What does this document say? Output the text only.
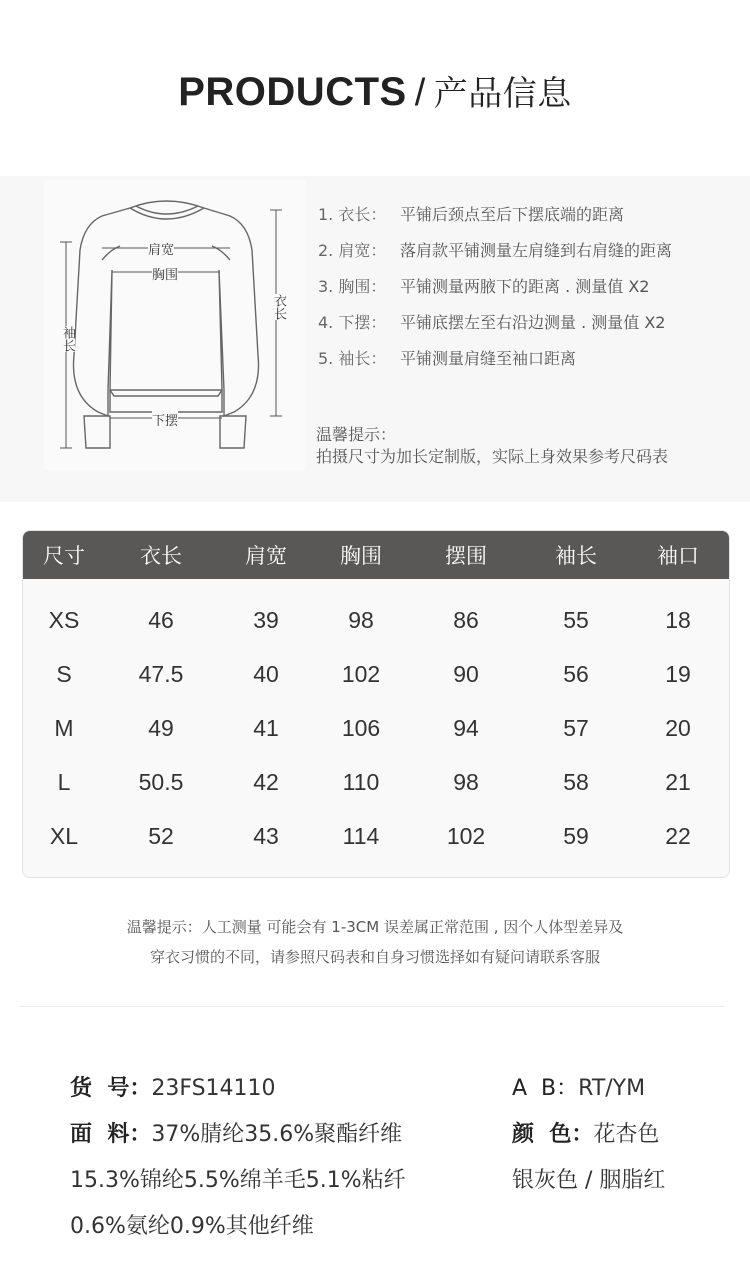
PRODUCTS / 产品信息
肩宽
胸围
衣长
下摆
袖长
1. 衣长： 平铺后颈点至后下摆底端的距离
2. 肩宽： 落肩款平铺测量左肩缝到右肩缝的距离
3. 胸围： 平铺测量两腋下的距离 . 测量值 X2
4. 下摆： 平铺底摆左至右沿边测量 . 测量值 X2
5. 袖长： 平铺测量肩缝至袖口距离
温馨提示：
拍摄尺寸为加长定制版，实际上身效果参考尺码表
尺寸	衣长	肩宽	胸围	摆围	袖长	袖口
XS	46	39	98	86	55	18
S	47.5	40	102	90	56	19
M	49	41	106	94	57	20
L	50.5	42	110	98	58	21
XL	52	43	114	102	59	22
温馨提示：人工测量 可能会有 1-3CM 误差属正常范围 , 因个人体型差异及
穿衣习惯的不同，请参照尺码表和自身习惯选择如有疑问请联系客服
货  号：23FS14110
面  料：37%腈纶35.6%聚酯纤维
15.3%锦纶5.5%绵羊毛5.1%粘纤
0.6%氨纶0.9%其他纤维
A  B：RT/YM
颜  色：花杏色
银灰色 / 胭脂红
